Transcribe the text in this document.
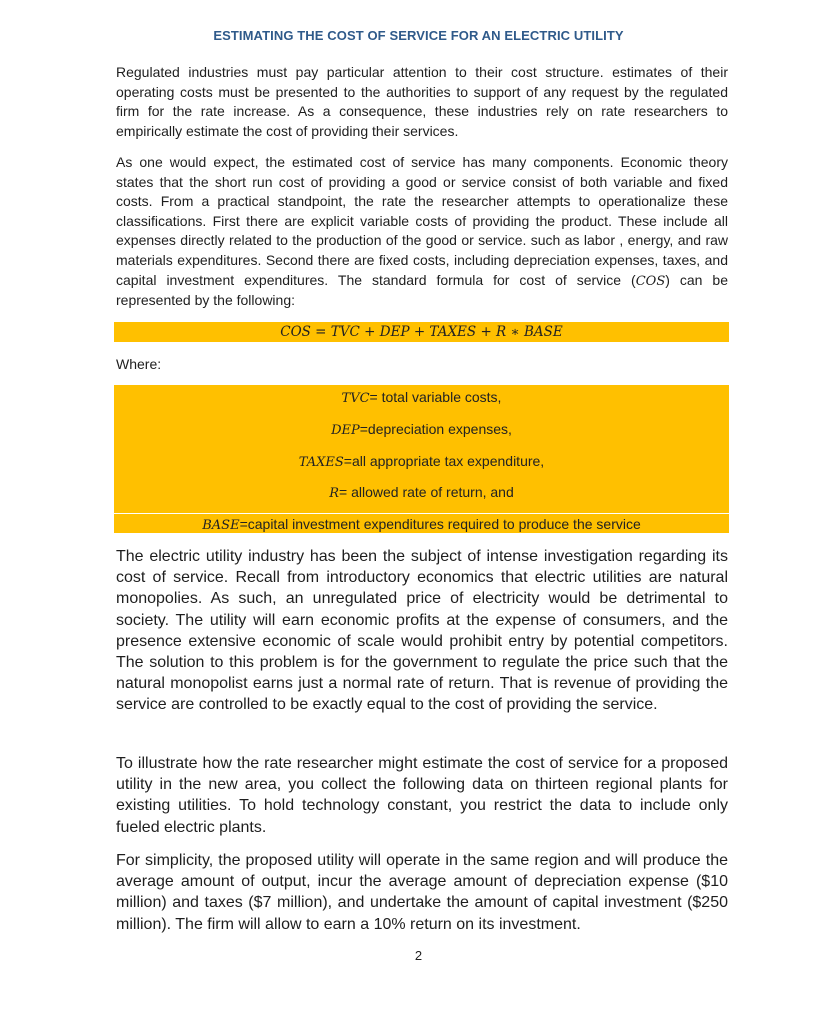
ESTIMATING THE COST OF SERVICE FOR AN ELECTRIC UTILITY

Regulated industries must pay particular attention to their cost structure. estimates of their operating costs must be presented to the authorities to support of any request by the regulated firm for the rate increase. As a consequence, these industries rely on rate researchers to empirically estimate the cost of providing their services.

As one would expect, the estimated cost of service has many components. Economic theory states that the short run cost of providing a good or service consist of both variable and fixed costs. From a practical standpoint, the rate the researcher attempts to operationalize these classifications. First there are explicit variable costs of providing the product. These include all expenses directly related to the production of the good or service. such as labor , energy, and raw materials expenditures. Second there are fixed costs, including depreciation expenses, taxes, and capital investment expenditures. The standard formula for cost of service (COS) can be represented by the following:

COS = TVC + DEP + TAXES + R ∗ BASE
Where:
TVC= total variable costs,
DEP=depreciation expenses,
TAXES=all appropriate tax expenditure,
R= allowed rate of return, and
BASE=capital investment expenditures required to produce the service

The electric utility industry has been the subject of intense investigation regarding its cost of service. Recall from introductory economics that electric utilities are natural monopolies. As such, an unregulated price of electricity would be detrimental to society. The utility will earn economic profits at the expense of consumers, and the presence extensive economic of scale would prohibit entry by potential competitors. The solution to this problem is for the government to regulate the price such that the natural monopolist earns just a normal rate of return. That is revenue of providing the service are controlled to be exactly equal to the cost of providing the service.

To illustrate how the rate researcher might estimate the cost of service for a proposed utility in the new area, you collect the following data on thirteen regional plants for existing utilities. To hold technology constant, you restrict the data to include only fueled electric plants.

For simplicity, the proposed utility will operate in the same region and will produce the average amount of output, incur the average amount of depreciation expense ($10 million) and taxes ($7 million), and undertake the amount of capital investment ($250 million). The firm will allow to earn a 10% return on its investment.

2
